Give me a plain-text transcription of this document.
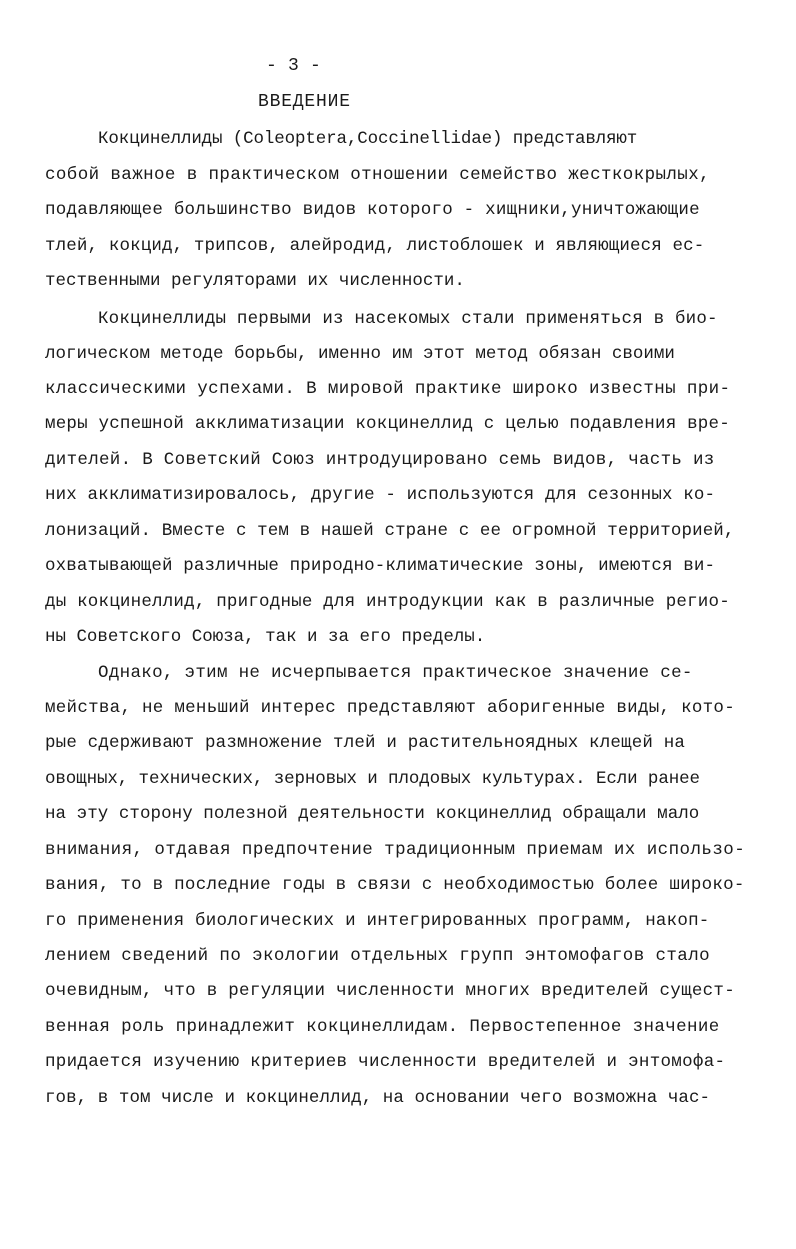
- 3 -
ВВЕДЕНИЕ
Кокцинеллиды (Coleoptera,Coccinellidae) представляют
собой важное в практическом отношении семейство жесткокрылых,
подавляющее большинство видов которого - хищники,уничтожающие
тлей, кокцид, трипсов, алейродид, листоблошек и являющиеся ес-
тественными регуляторами их численности.
Кокцинеллиды первыми из насекомых стали применяться в био-
логическом методе борьбы, именно им этот метод обязан своими
классическими успехами. В мировой практике широко известны при-
меры успешной акклиматизации кокцинеллид с целью подавления вре-
дителей. В Советский Союз интродуцировано семь видов, часть из
них акклиматизировалось, другие - используются для сезонных ко-
лонизаций. Вместе с тем в нашей стране с ее огромной территорией,
охватывающей различные природно-климатические зоны, имеются ви-
ды кокцинеллид, пригодные для интродукции как в различные регио-
ны Советского Союза, так и за его пределы.
Однако, этим не исчерпывается практическое значение се-
мейства, не меньший интерес представляют аборигенные виды, кото-
рые сдерживают размножение тлей и растительноядных клещей на
овощных, технических, зерновых и плодовых культурах. Если ранее
на эту сторону полезной деятельности кокцинеллид обращали мало
внимания, отдавая предпочтение традиционным приемам их использо-
вания, то в последние годы в связи с необходимостью более широко-
го применения биологических и интегрированных программ, накоп-
лением сведений по экологии отдельных групп энтомофагов стало
очевидным, что в регуляции численности многих вредителей сущест-
венная роль принадлежит кокцинеллидам. Первостепенное значение
придается изучению критериев численности вредителей и энтомофа-
гов, в том числе и кокцинеллид, на основании чего возможна час-
